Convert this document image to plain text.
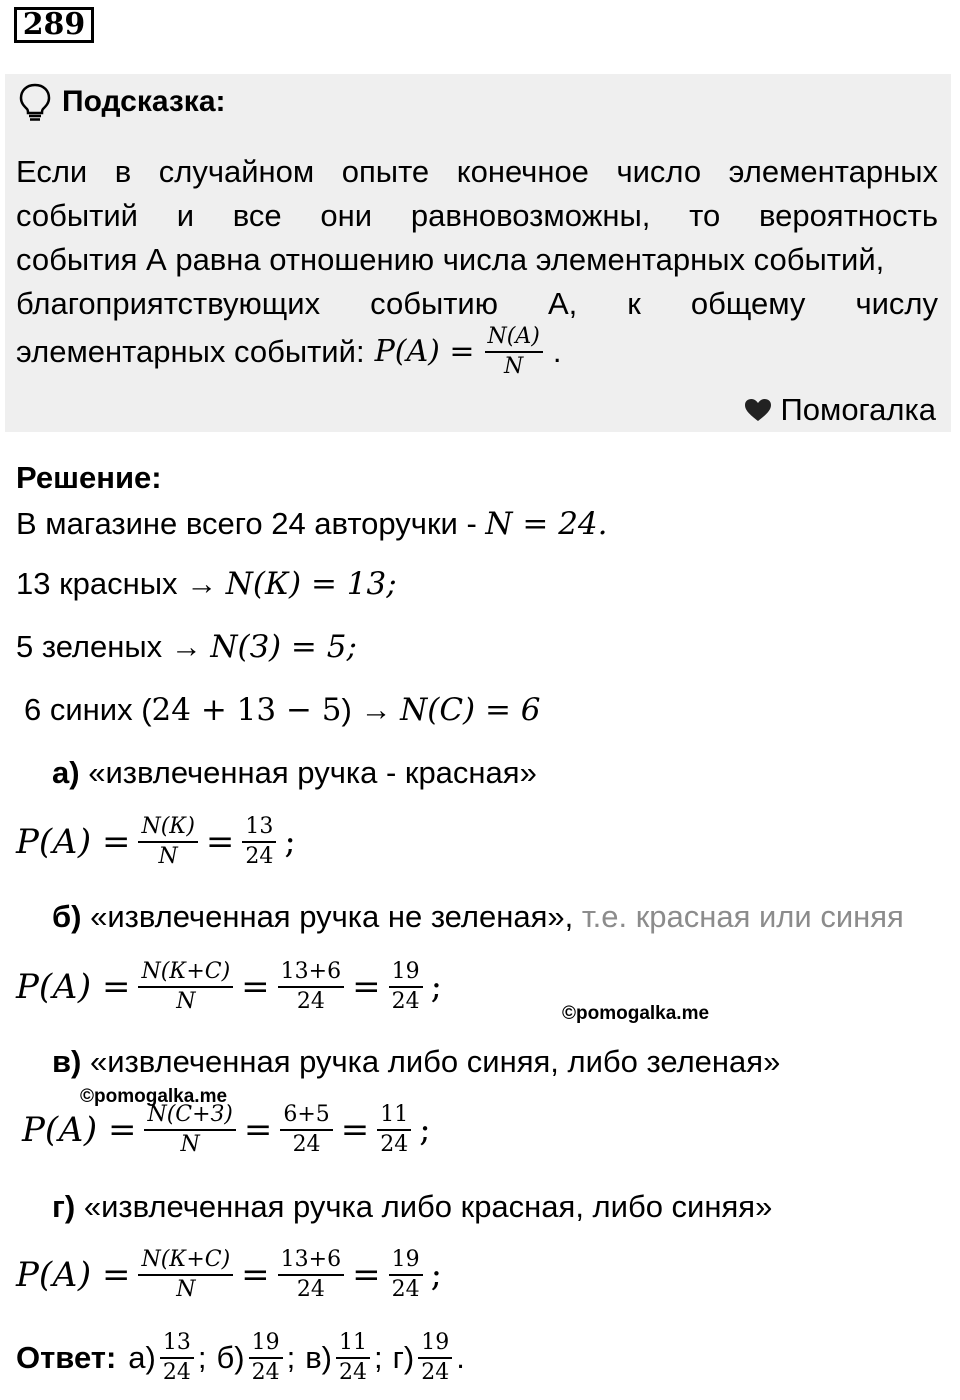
289
Подсказка:
Если в случайном опыте конечное число элементарных
событий и все они равновозможны, то вероятность
события А равна отношению числа элементарных событий,
благоприятствующих событию А, к общему числу
элементарных событий: $P(A) = \frac{N(A)}{N}$ .
Помогалка
Решение:
В магазине всего 24 авторучки - N = 24.
13 красных → N(К) = 13;
5 зеленых → N(З) = 5;
6 синих (24 + 13 − 5) → N(С) = 6
а) «извлеченная ручка - красная»
$P(А) = \frac{N(К)}{N} = \frac{13}{24}$ ;
б) «извлеченная ручка не зеленая», т.е. красная или синяя
$P(А) = \frac{N(К+С)}{N} = \frac{13+6}{24} = \frac{19}{24}$ ;
©pomogalka.me
в) «извлеченная ручка либо синяя, либо зеленая»
©pomogalka.me
$P(А) = \frac{N(С+З)}{N} = \frac{6+5}{24} = \frac{11}{24}$ ;
г) «извлеченная ручка либо красная, либо синяя»
$P(А) = \frac{N(К+С)}{N} = \frac{13+6}{24} = \frac{19}{24}$ ;
Ответ: $а) \frac{13}{24}$ ; $б) \frac{19}{24}$ ; $в) \frac{11}{24}$ ; $г) \frac{19}{24}$ .
